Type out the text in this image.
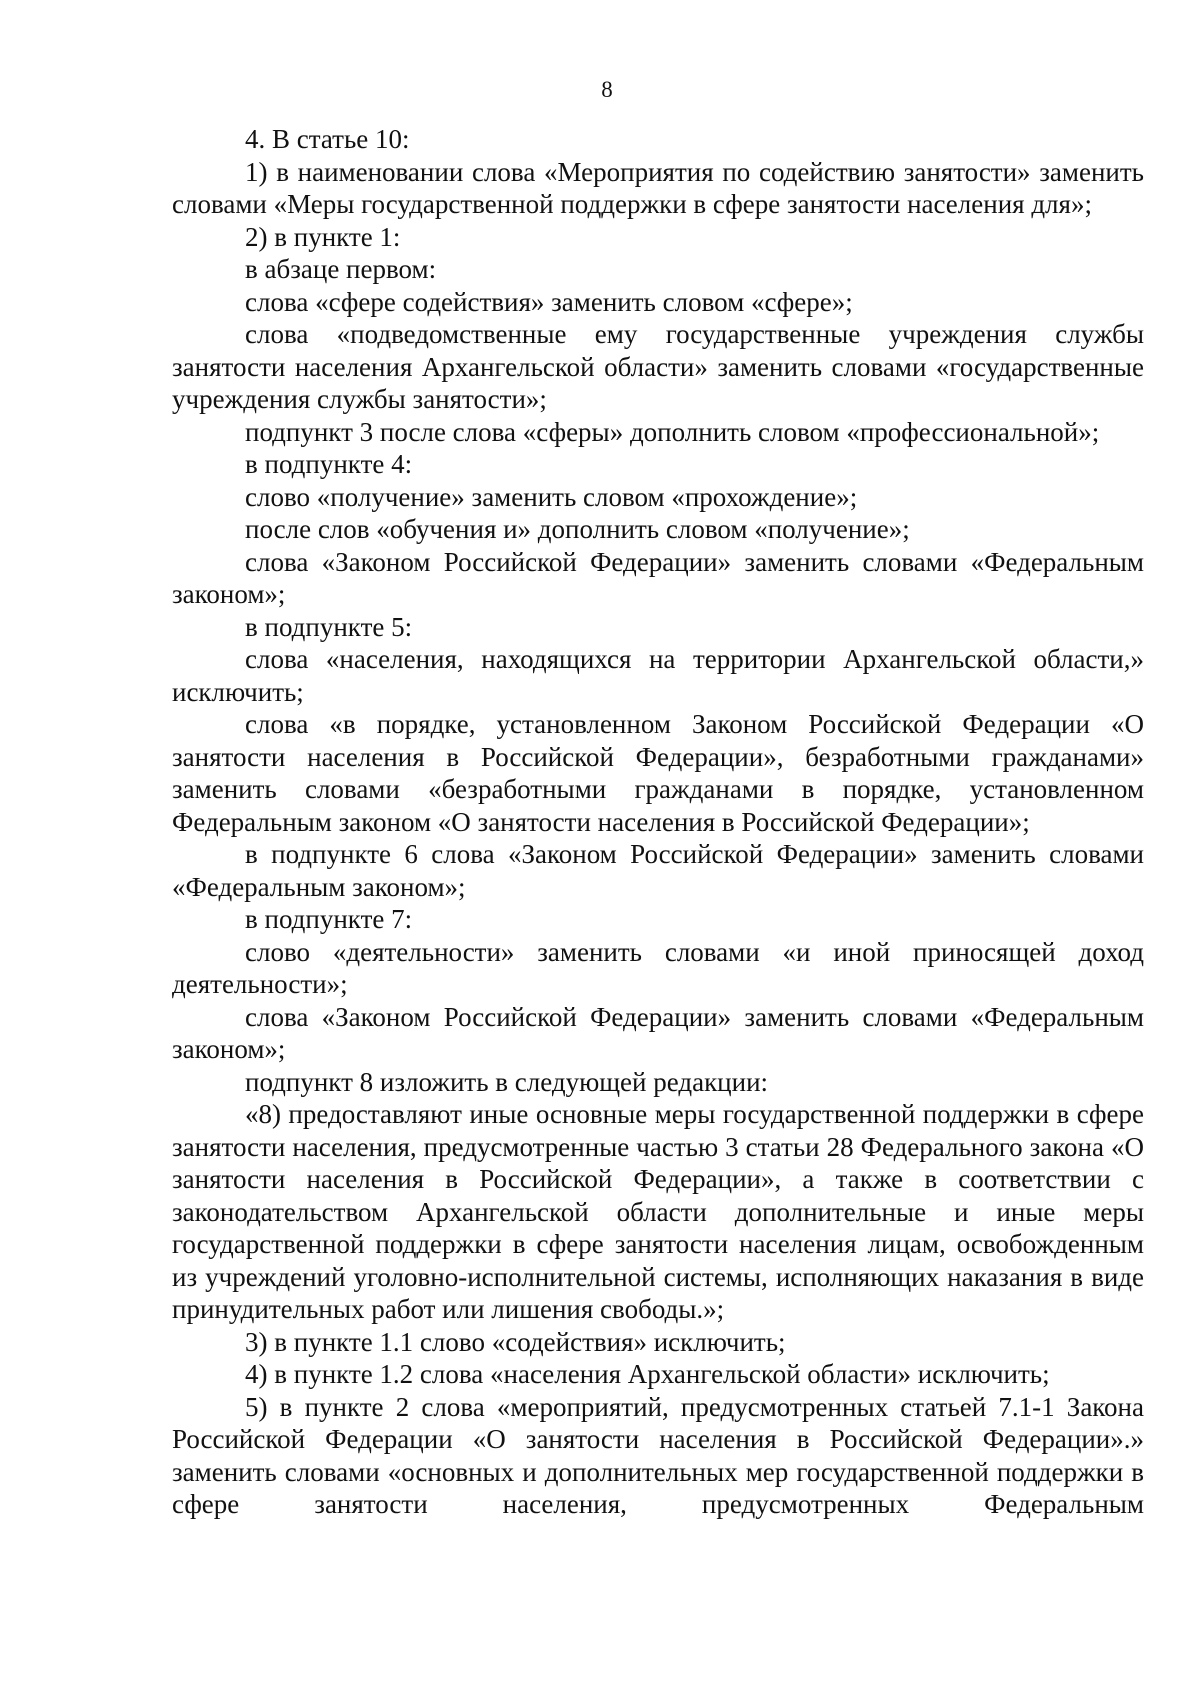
8
4. В статье 10:
1) в наименовании слова «Мероприятия по содействию занятости» заменить словами «Меры государственной поддержки в сфере занятости населения для»;
2) в пункте 1:
в абзаце первом:
слова «сфере содействия» заменить словом «сфере»;
слова «подведомственные ему государственные учреждения службы занятости населения Архангельской области» заменить словами «государственные учреждения службы занятости»;
подпункт 3 после слова «сферы» дополнить словом «профессиональной»;
в подпункте 4:
слово «получение» заменить словом «прохождение»;
после слов «обучения и» дополнить словом «получение»;
слова «Законом Российской Федерации» заменить словами «Федеральным законом»;
в подпункте 5:
слова «населения, находящихся на территории Архангельской области,» исключить;
слова «в порядке, установленном Законом Российской Федерации «О занятости населения в Российской Федерации», безработными гражданами» заменить словами «безработными гражданами в порядке, установленном Федеральным законом «О занятости населения в Российской Федерации»;
в подпункте 6 слова «Законом Российской Федерации» заменить словами «Федеральным законом»;
в подпункте 7:
слово «деятельности» заменить словами «и иной приносящей доход деятельности»;
слова «Законом Российской Федерации» заменить словами «Федеральным законом»;
подпункт 8 изложить в следующей редакции:
«8) предоставляют иные основные меры государственной поддержки в сфере занятости населения, предусмотренные частью 3 статьи 28 Федерального закона «О занятости населения в Российской Федерации», а также в соответствии с законодательством Архангельской области дополнительные и иные меры государственной поддержки в сфере занятости населения лицам, освобожденным из учреждений уголовно-исполнительной системы, исполняющих наказания в виде принудительных работ или лишения свободы.»;
3) в пункте 1.1 слово «содействия» исключить;
4) в пункте 1.2 слова «населения Архангельской области» исключить;
5) в пункте 2 слова «мероприятий, предусмотренных статьей 7.1-1 Закона Российской Федерации «О занятости населения в Российской Федерации».» заменить словами «основных и дополнительных мер государственной поддержки в сфере занятости населения, предусмотренных Федеральным
